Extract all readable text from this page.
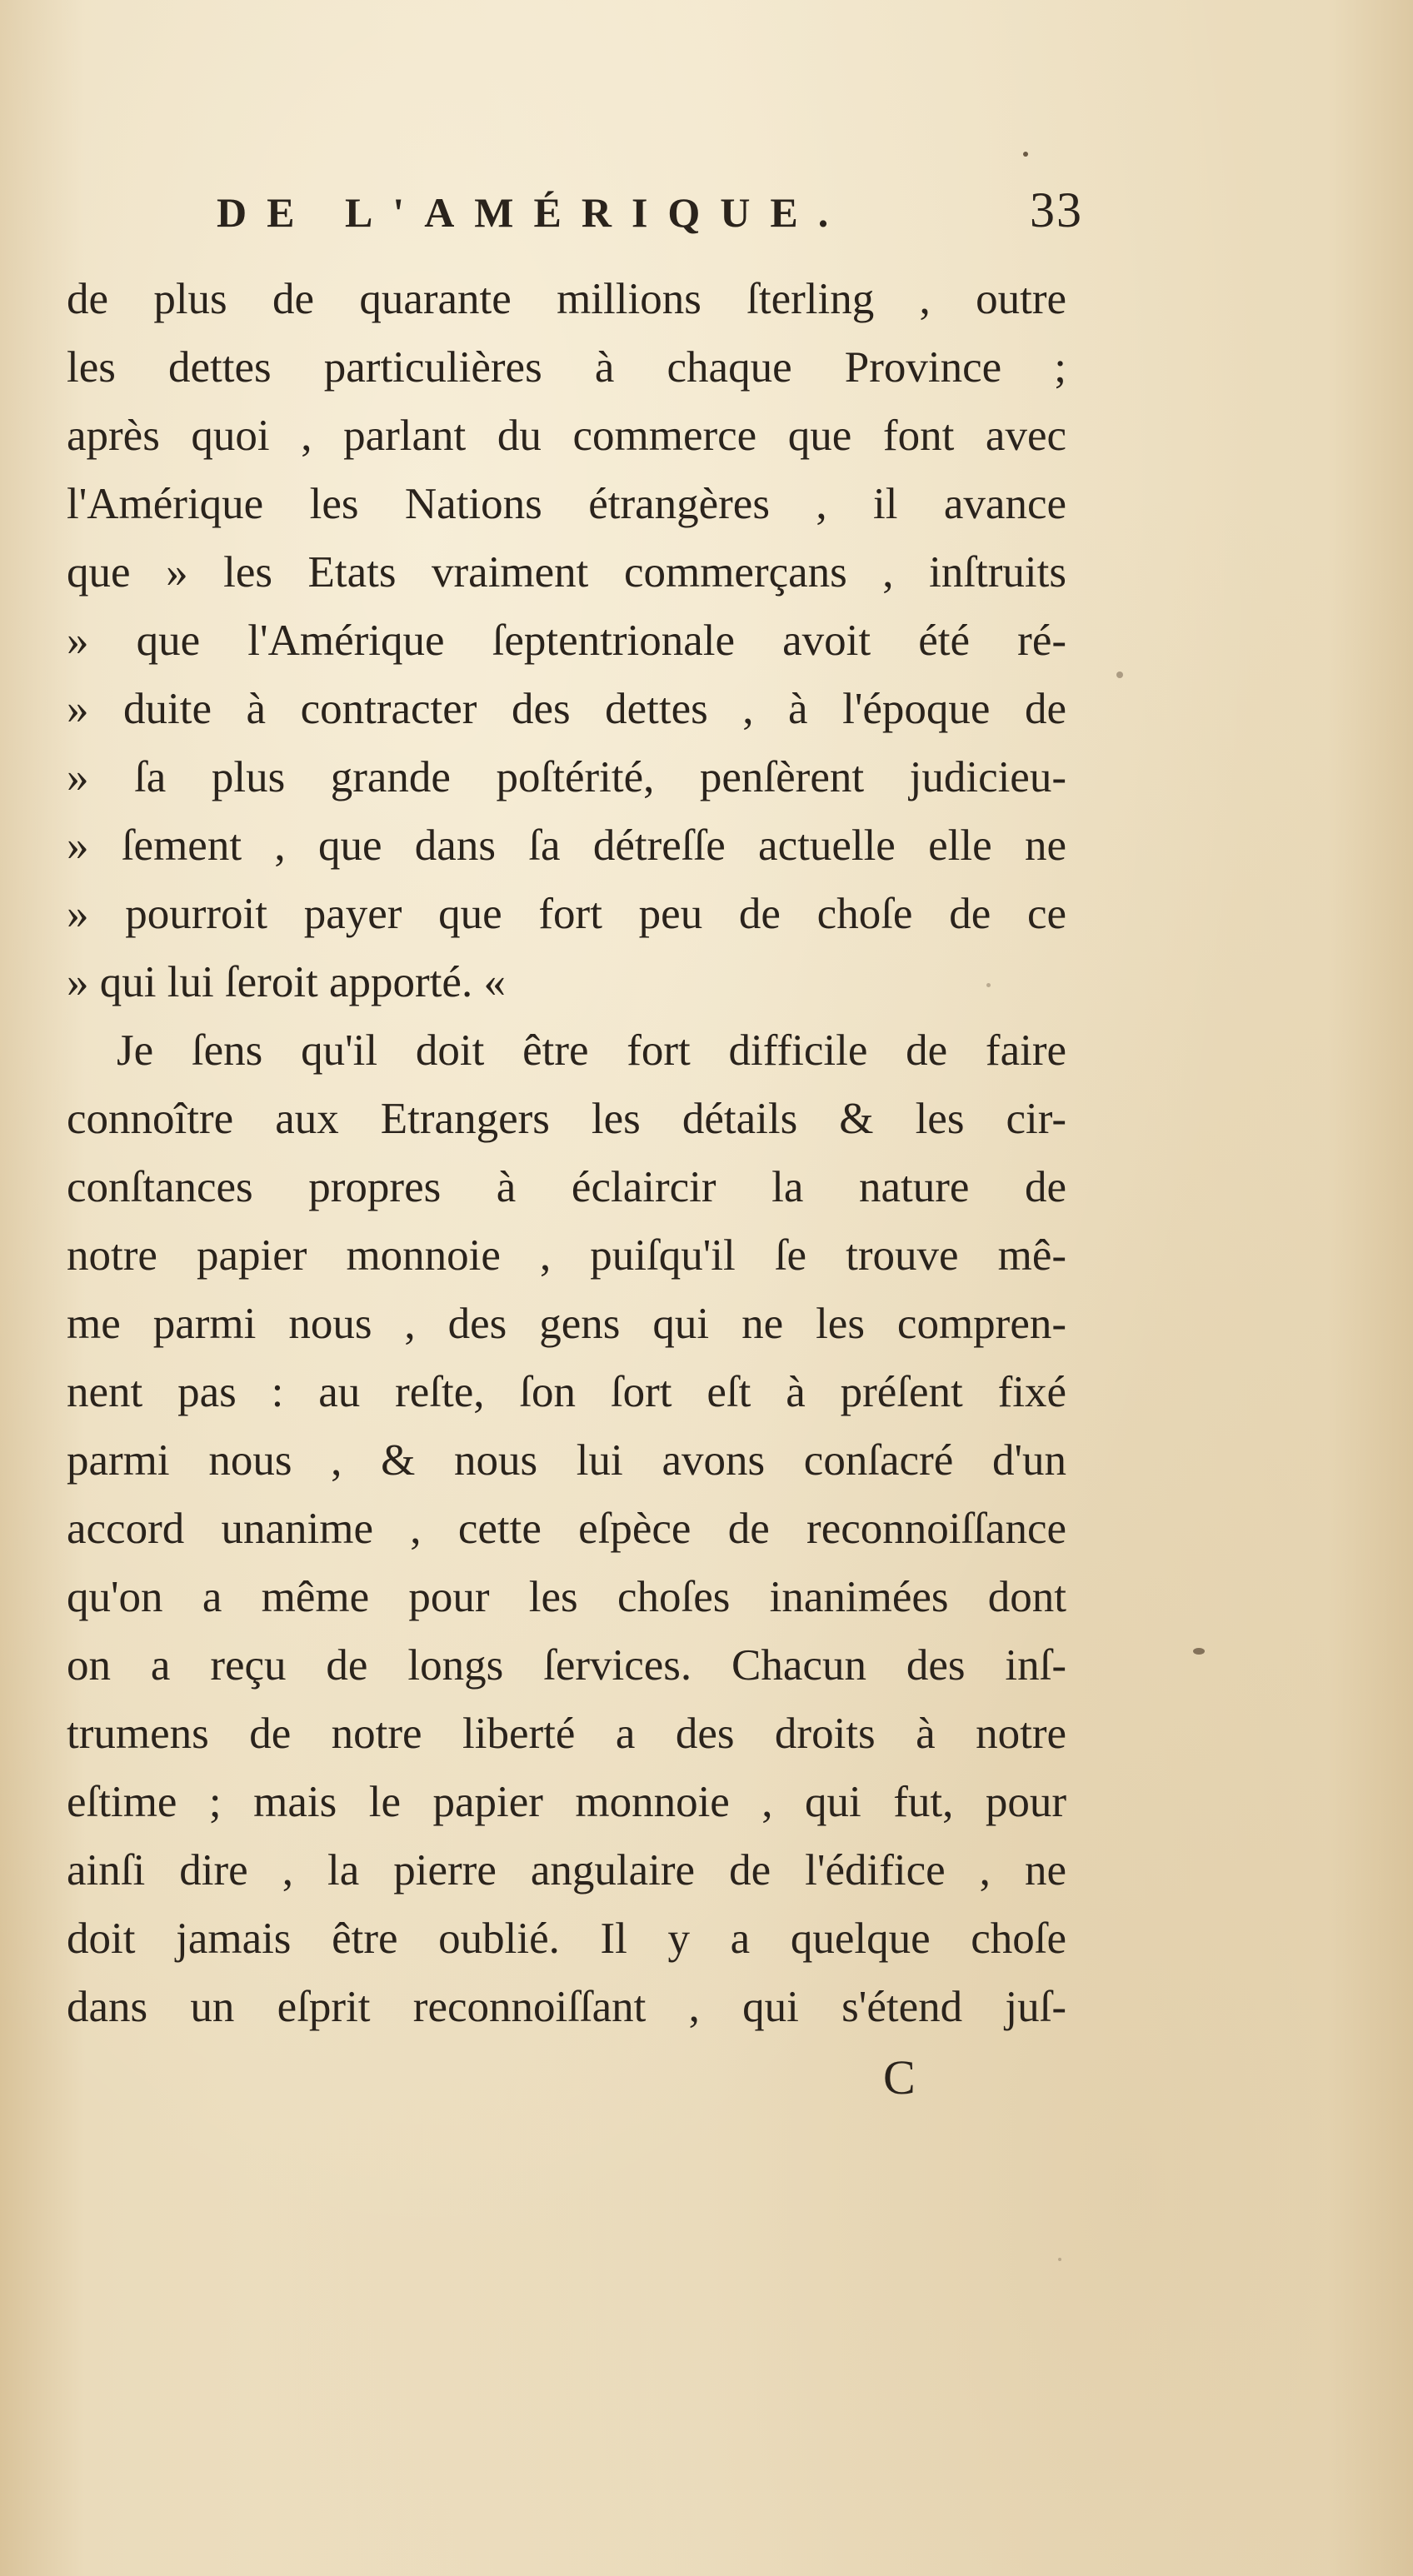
DE L'AMÉRIQUE.	33
de plus de quarante millions ſterling , outre
les dettes particulières à chaque Province ;
après quoi , parlant du commerce que font avec
l'Amérique les Nations étrangères , il avance
que » les Etats vraiment commerçans , inſtruits
» que l'Amérique ſeptentrionale avoit été ré-
» duite à contracter des dettes , à l'époque de
» ſa plus grande poſtérité, penſèrent judicieu-
» ſement , que dans ſa détreſſe actuelle elle ne
» pourroit payer que fort peu de choſe de ce
» qui lui ſeroit apporté. «
Je ſens qu'il doit être fort difficile de faire
connoître aux Etrangers les détails & les cir-
conſtances propres à éclaircir la nature de
notre papier monnoie , puiſqu'il ſe trouve mê-
me parmi nous , des gens qui ne les compren-
nent pas : au reſte, ſon ſort eſt à préſent fixé
parmi nous , & nous lui avons conſacré d'un
accord unanime , cette eſpèce de reconnoiſſance
qu'on a même pour les choſes inanimées dont
on a reçu de longs ſervices. Chacun des inſ-
trumens de notre liberté a des droits à notre
eſtime ; mais le papier monnoie , qui fut, pour
ainſi dire , la pierre angulaire de l'édifice , ne
doit jamais être oublié. Il y a quelque choſe
dans un eſprit reconnoiſſant , qui s'étend juſ-
C
